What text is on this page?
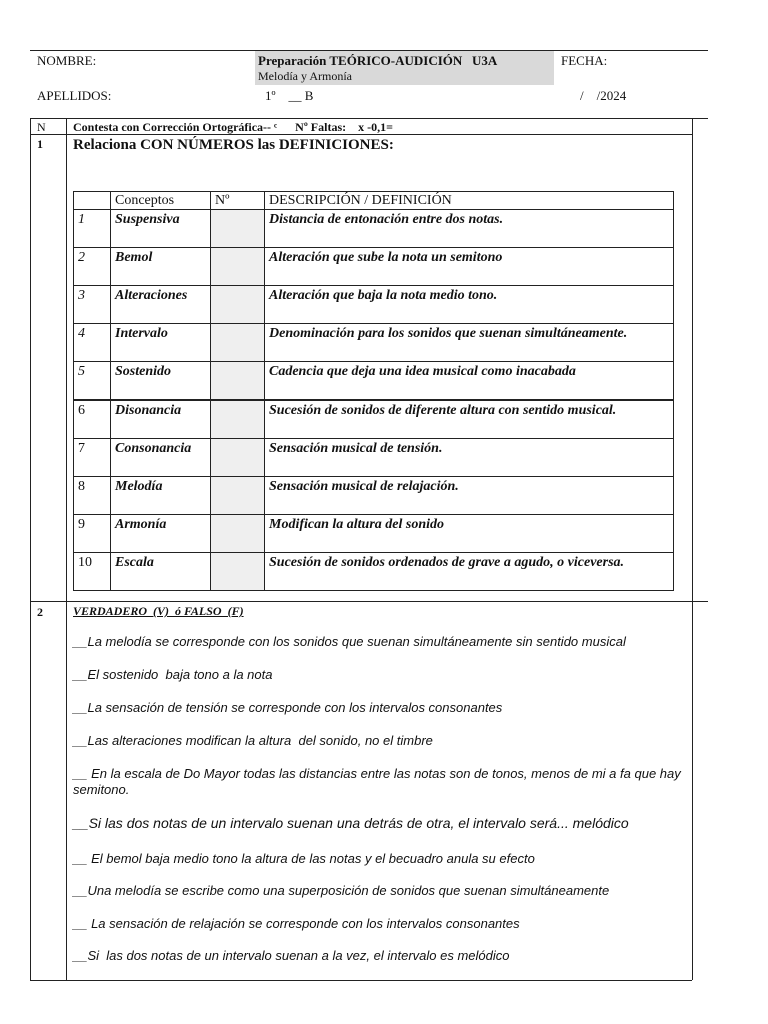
NOMBRE:	Preparación TEÓRICO-AUDICIÓN   U3A
Melodía y Armonía
FECHA:
APELLIDOS:	1º    __ B	/    /2024
N Contesta con Corrección Ortográfica-- ᶜ      Nº Faltas:    x -0,1=
1 Relaciona CON NÚMEROS las DEFINICIONES:
	Conceptos	Nº	DESCRIPCIÓN / DEFINICIÓN
1	Suspensiva		Distancia de entonación entre dos notas.
2	Bemol		Alteración que sube la nota un semitono
3	Alteraciones		Alteración que baja la nota medio tono.
4	Intervalo		Denominación para los sonidos que suenan simultáneamente.
5	Sostenido		Cadencia que deja una idea musical como inacabada
6	Disonancia		Sucesión de sonidos de diferente altura con sentido musical.
7	Consonancia		Sensación musical de tensión.
8	Melodía		Sensación musical de relajación.
9	Armonía		Modifican la altura del sonido
10	Escala		Sucesión de sonidos ordenados de grave a agudo, o viceversa.
2	VERDADERO  (V)  ó FALSO  (F)
__La melodía se corresponde con los sonidos que suenan simultáneamente sin sentido musical
__El sostenido  baja tono a la nota
__La sensación de tensión se corresponde con los intervalos consonantes
__Las alteraciones modifican la altura  del sonido, no el timbre
__ En la escala de Do Mayor todas las distancias entre las notas son de tonos, menos de mi a fa que hay semitono.
__Si las dos notas de un intervalo suenan una detrás de otra, el intervalo será... melódico
__ El bemol baja medio tono la altura de las notas y el becuadro anula su efecto
__Una melodía se escribe como una superposición de sonidos que suenan simultáneamente
__ La sensación de relajación se corresponde con los intervalos consonantes
__Si  las dos notas de un intervalo suenan a la vez, el intervalo es melódico
